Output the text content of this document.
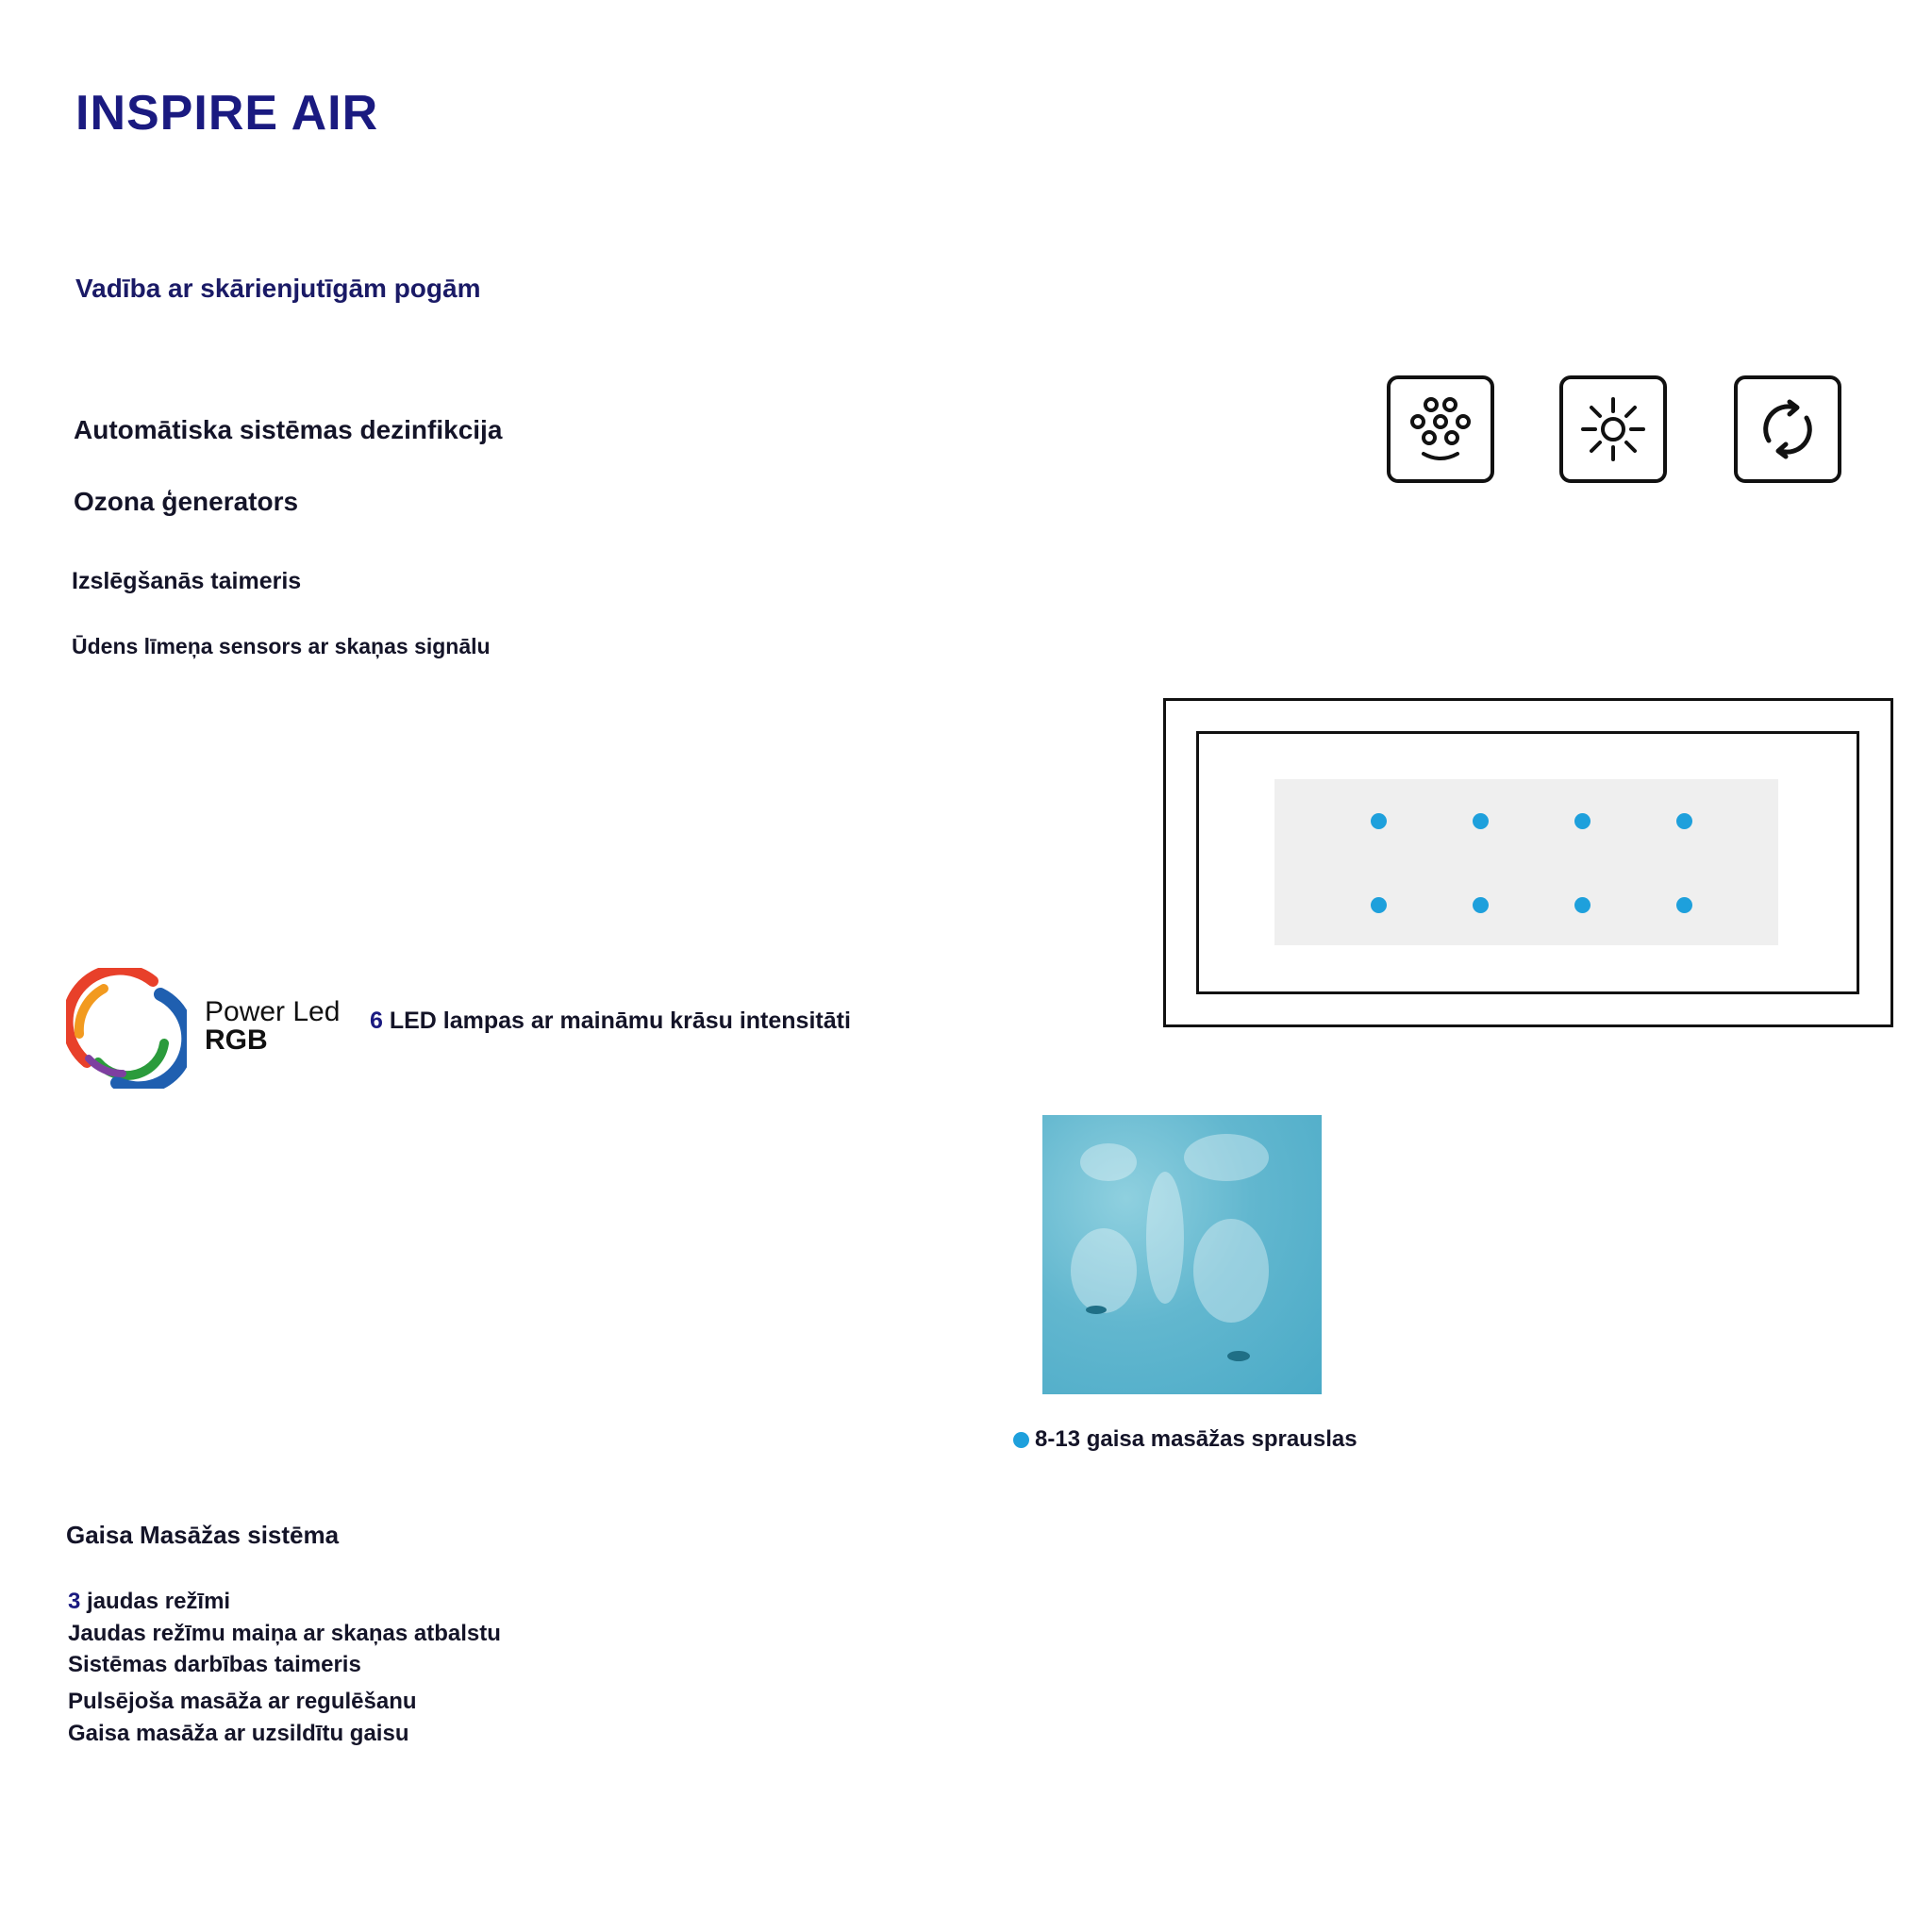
INSPIRE AIR
Vadība ar skārienjutīgām pogām
Automātiska sistēmas dezinfikcija
Ozona ģenerators
Izslēgšanās taimeris
Ūdens līmeņa sensors ar skaņas signālu
Power Led
RGB
6 LED lampas ar maināmu krāsu intensitāti
8-13 gaisa masāžas sprauslas
Gaisa Masāžas sistēma
3 jaudas režīmi
Jaudas režīmu maiņa ar skaņas atbalstu
Sistēmas darbības taimeris
Pulsējoša masāža ar regulēšanu
Gaisa masāža ar uzsildītu gaisu
